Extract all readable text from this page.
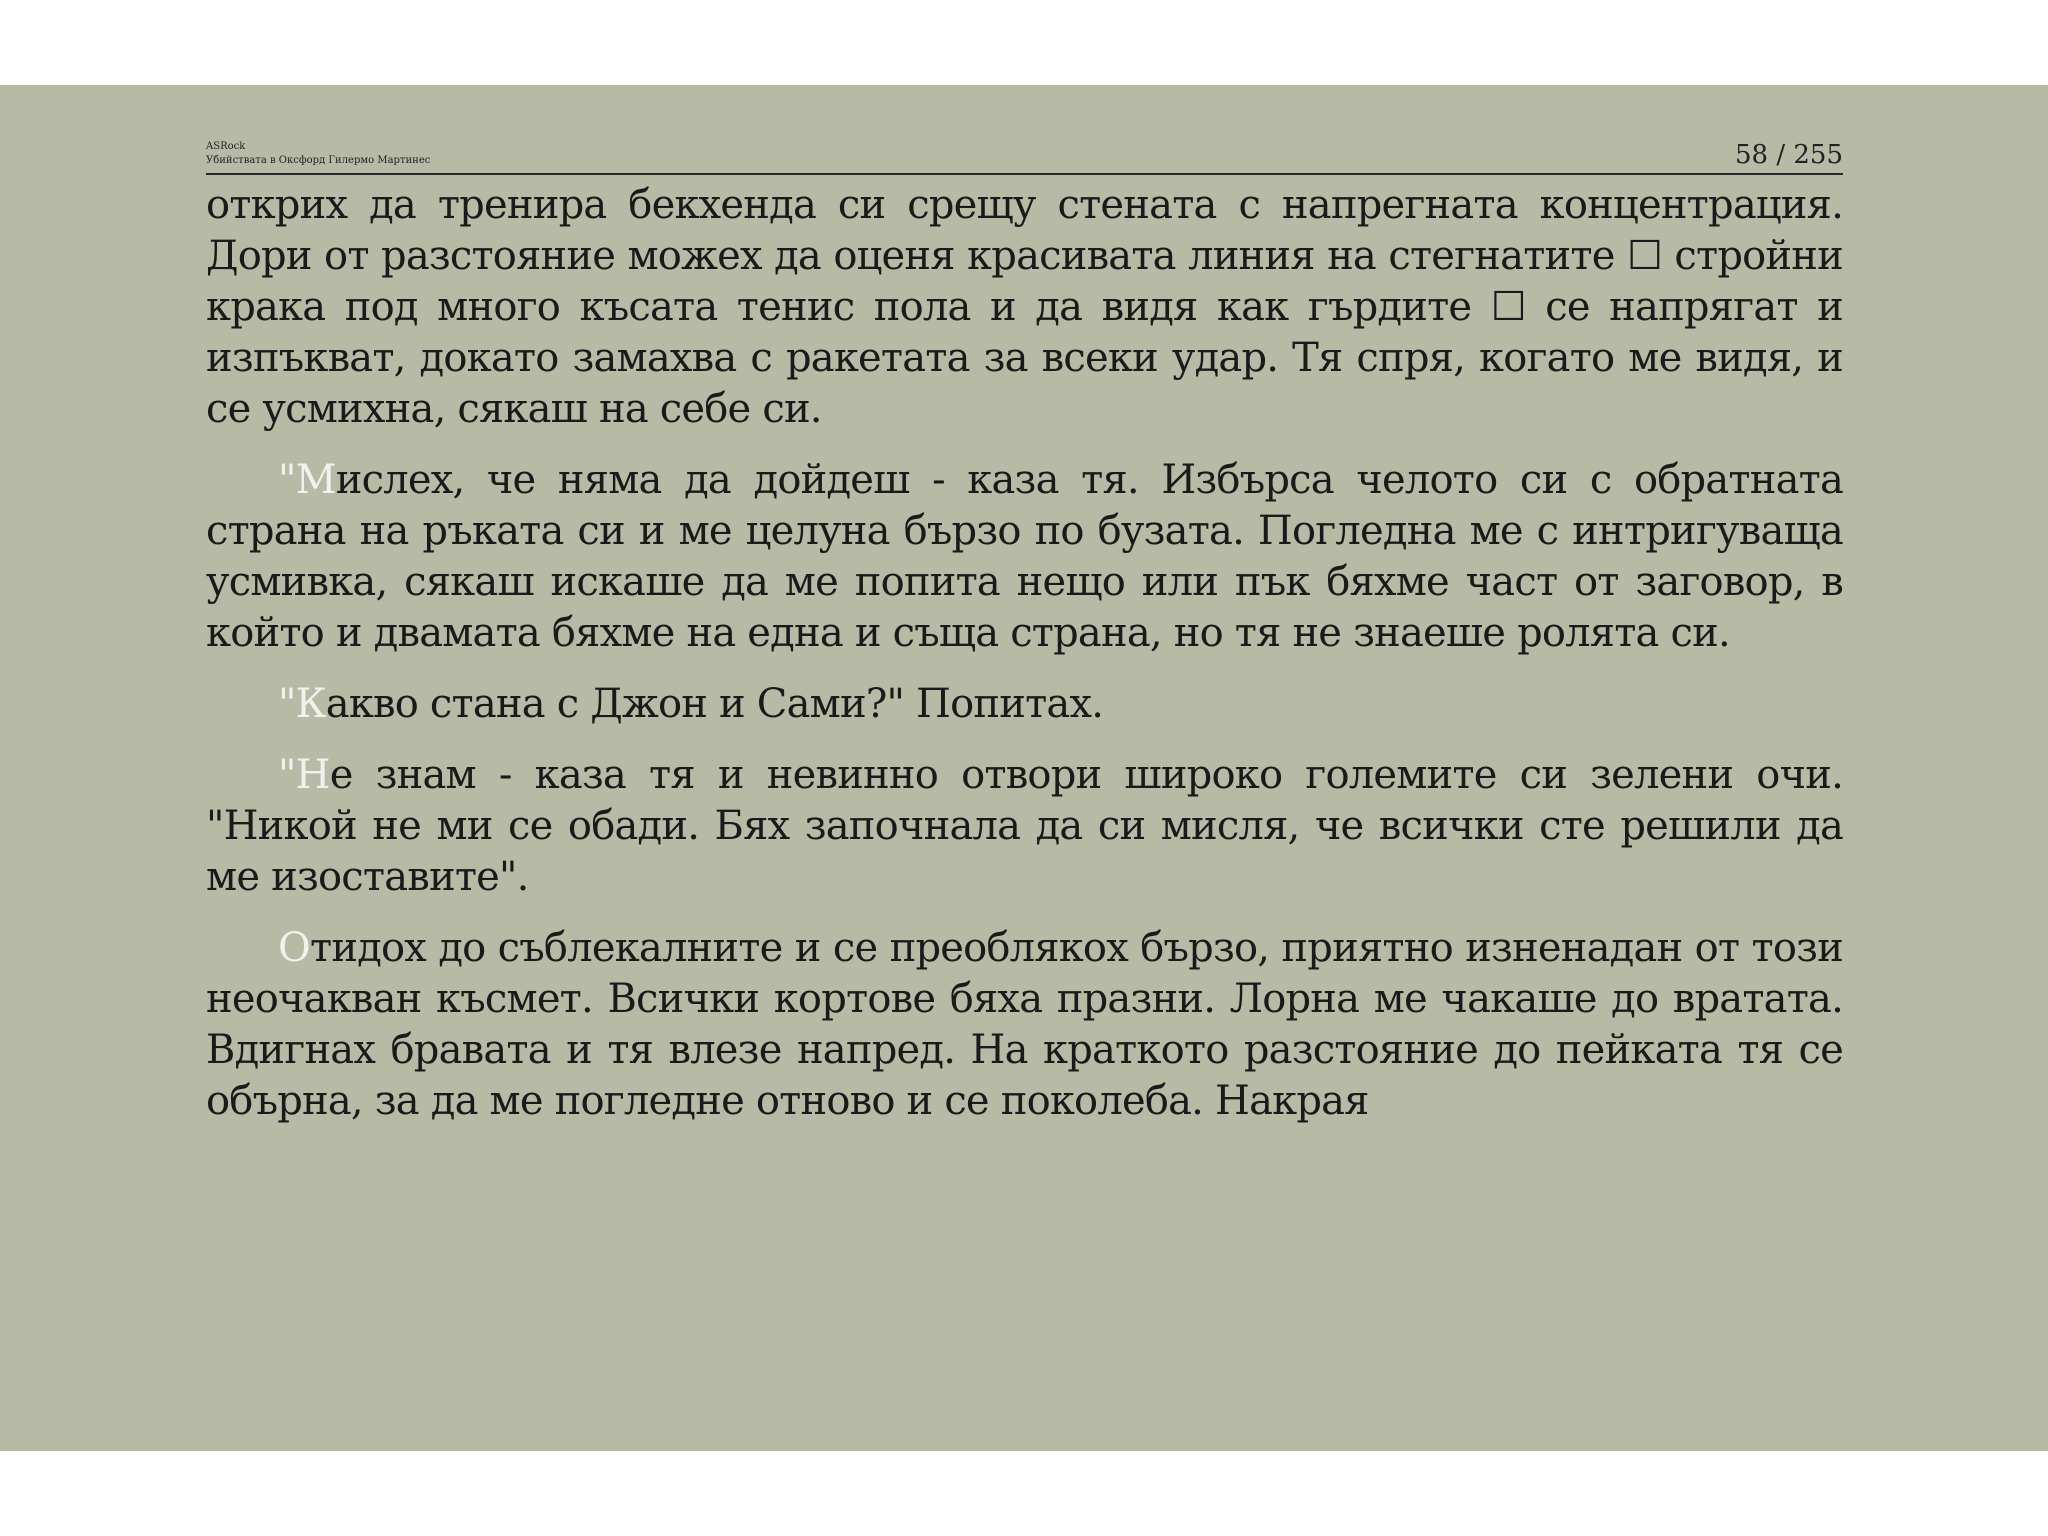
ASRock
Убийствата в Оксфорд Гилермо Мартинес	58 / 255

открих да тренира бекхенда си срещу стената с напрегната концентрация. Дори от разстояние можех да оценя красивата линия на стегнатите ☐ стройни крака под много късата тенис пола и да видя как гърдите ☐ се напрягат и изпъкват, докато замахва с ракетата за всеки удар. Тя спря, когато ме видя, и се усмихна, сякаш на себе си.

"Мислех, че няма да дойдеш - каза тя. Избърса челото си с обратната страна на ръката си и ме целуна бързо по бузата. Погледна ме с интригуваща усмивка, сякаш искаше да ме попита нещо или пък бяхме част от заговор, в който и двамата бяхме на една и съща страна, но тя не знаеше ролята си.

"Какво стана с Джон и Сами?" Попитах.

"Не знам - каза тя и невинно отвори широко големите си зелени очи. "Никой не ми се обади. Бях започнала да си мисля, че всички сте решили да ме изоставите".

Отидох до съблекалните и се преоблякох бързо, приятно изненадан от този неочакван късмет. Всички кортове бяха празни. Лорна ме чакаше до вратата. Вдигнах бравата и тя влезе напред. На краткото разстояние до пейката тя се обърна, за да ме погледне отново и се поколеба. Накрая
